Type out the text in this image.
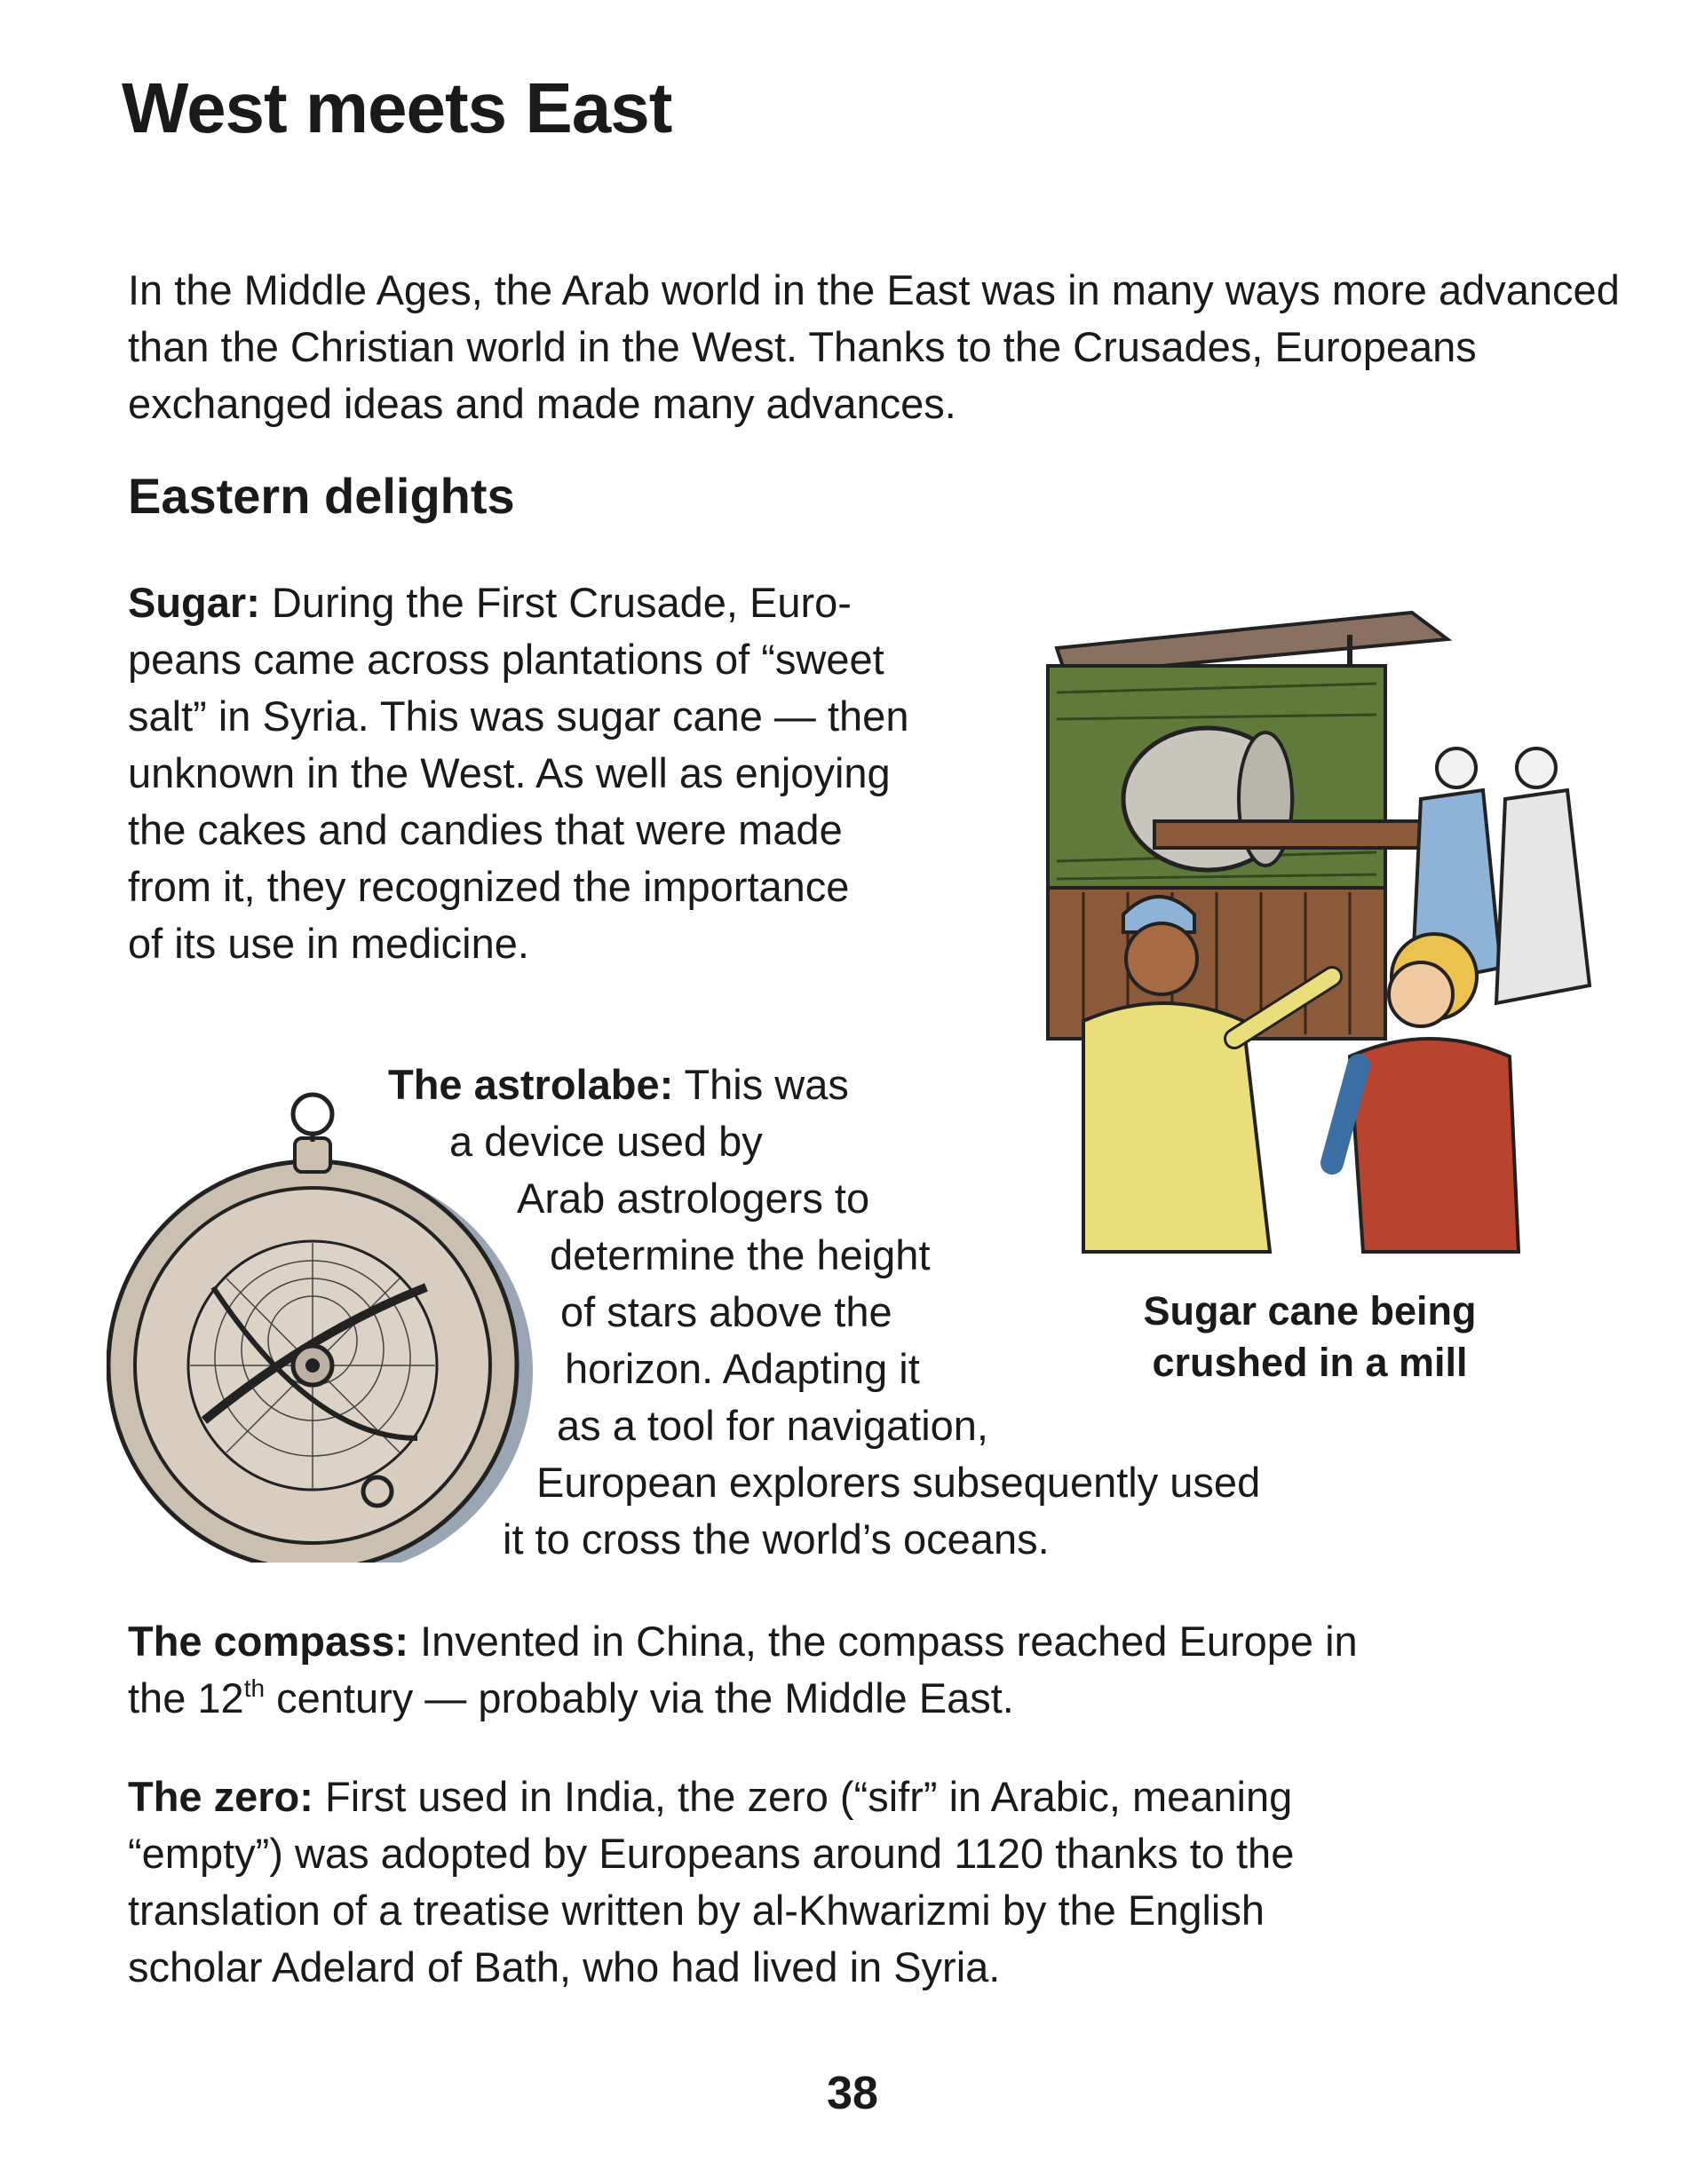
West meets East

In the Middle Ages, the Arab world in the East was in many ways more advanced than the Christian world in the West. Thanks to the Crusades, Europeans exchanged ideas and made many advances.

Eastern delights
Sugar: During the First Crusade, Euro-
peans came across plantations of “sweet
salt” in Syria. This was sugar cane — then
unknown in the West. As well as enjoying
the cakes and candies that were made
from it, they recognized the importance
of its use in medicine.
The astrolabe: This was
a device used by
Arab astrologers to
determine the height
of stars above the
horizon. Adapting it
as a tool for navigation,
European explorers subsequently used
it to cross the world’s oceans.
The compass: Invented in China, the compass reached Europe in
the 12th century — probably via the Middle East.
The zero: First used in India, the zero (“sifr” in Arabic, meaning
“empty”) was adopted by Europeans around 1120 thanks to the
translation of a treatise written by al-Khwarizmi by the English
scholar Adelard of Bath, who had lived in Syria.
Sugar cane being
crushed in a mill
38
